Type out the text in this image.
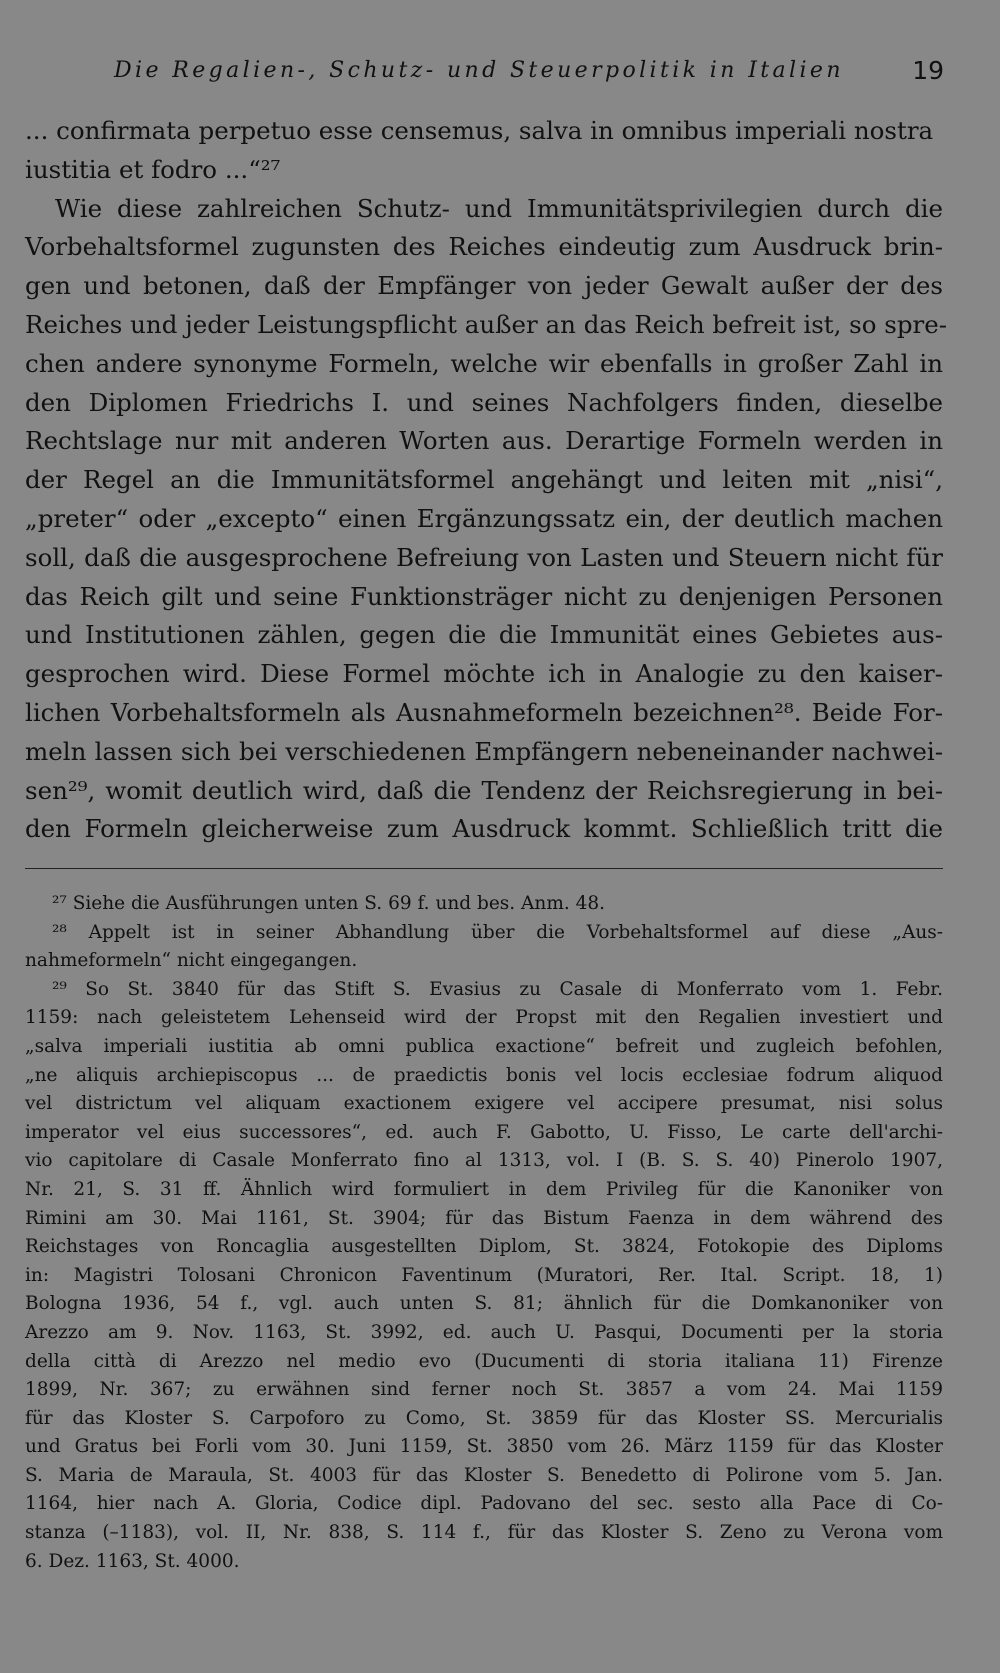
Die Regalien-, Schutz- und Steuerpolitik in Italien	19
... confirmata perpetuo esse censemus, salva in omnibus imperiali nostra
iustitia et fodro ...“²⁷
Wie diese zahlreichen Schutz- und Immunitätsprivilegien durch die
Vorbehaltsformel zugunsten des Reiches eindeutig zum Ausdruck brin-
gen und betonen, daß der Empfänger von jeder Gewalt außer der des
Reiches und jeder Leistungspflicht außer an das Reich befreit ist, so spre-
chen andere synonyme Formeln, welche wir ebenfalls in großer Zahl in
den Diplomen Friedrichs I. und seines Nachfolgers finden, dieselbe
Rechtslage nur mit anderen Worten aus. Derartige Formeln werden in
der Regel an die Immunitätsformel angehängt und leiten mit „nisi“,
„preter“ oder „excepto“ einen Ergänzungssatz ein, der deutlich machen
soll, daß die ausgesprochene Befreiung von Lasten und Steuern nicht für
das Reich gilt und seine Funktionsträger nicht zu denjenigen Personen
und Institutionen zählen, gegen die die Immunität eines Gebietes aus-
gesprochen wird. Diese Formel möchte ich in Analogie zu den kaiser-
lichen Vorbehaltsformeln als Ausnahmeformeln bezeichnen²⁸. Beide For-
meln lassen sich bei verschiedenen Empfängern nebeneinander nachwei-
sen²⁹, womit deutlich wird, daß die Tendenz der Reichsregierung in bei-
den Formeln gleicherweise zum Ausdruck kommt. Schließlich tritt die
²⁷ Siehe die Ausführungen unten S. 69 f. und bes. Anm. 48.
²⁸ Appelt ist in seiner Abhandlung über die Vorbehaltsformel auf diese „Aus-
nahmeformeln“ nicht eingegangen.
²⁹ So St. 3840 für das Stift S. Evasius zu Casale di Monferrato vom 1. Febr.
1159: nach geleistetem Lehenseid wird der Propst mit den Regalien investiert und
„salva imperiali iustitia ab omni publica exactione“ befreit und zugleich befohlen,
„ne aliquis archiepiscopus ... de praedictis bonis vel locis ecclesiae fodrum aliquod
vel districtum vel aliquam exactionem exigere vel accipere presumat, nisi solus
imperator vel eius successores“, ed. auch F. Gabotto, U. Fisso, Le carte dell'archi-
vio capitolare di Casale Monferrato fino al 1313, vol. I (B. S. S. 40) Pinerolo 1907,
Nr. 21, S. 31 ff. Ähnlich wird formuliert in dem Privileg für die Kanoniker von
Rimini am 30. Mai 1161, St. 3904; für das Bistum Faenza in dem während des
Reichstages von Roncaglia ausgestellten Diplom, St. 3824, Fotokopie des Diploms
in: Magistri Tolosani Chronicon Faventinum (Muratori, Rer. Ital. Script. 18, 1)
Bologna 1936, 54 f., vgl. auch unten S. 81; ähnlich für die Domkanoniker von
Arezzo am 9. Nov. 1163, St. 3992, ed. auch U. Pasqui, Documenti per la storia
della città di Arezzo nel medio evo (Ducumenti di storia italiana 11) Firenze
1899, Nr. 367; zu erwähnen sind ferner noch St. 3857 a vom 24. Mai 1159
für das Kloster S. Carpoforo zu Como, St. 3859 für das Kloster SS. Mercurialis
und Gratus bei Forli vom 30. Juni 1159, St. 3850 vom 26. März 1159 für das Kloster
S. Maria de Maraula, St. 4003 für das Kloster S. Benedetto di Polirone vom 5. Jan.
1164, hier nach A. Gloria, Codice dipl. Padovano del sec. sesto alla Pace di Co-
stanza (–1183), vol. II, Nr. 838, S. 114 f., für das Kloster S. Zeno zu Verona vom
6. Dez. 1163, St. 4000.
